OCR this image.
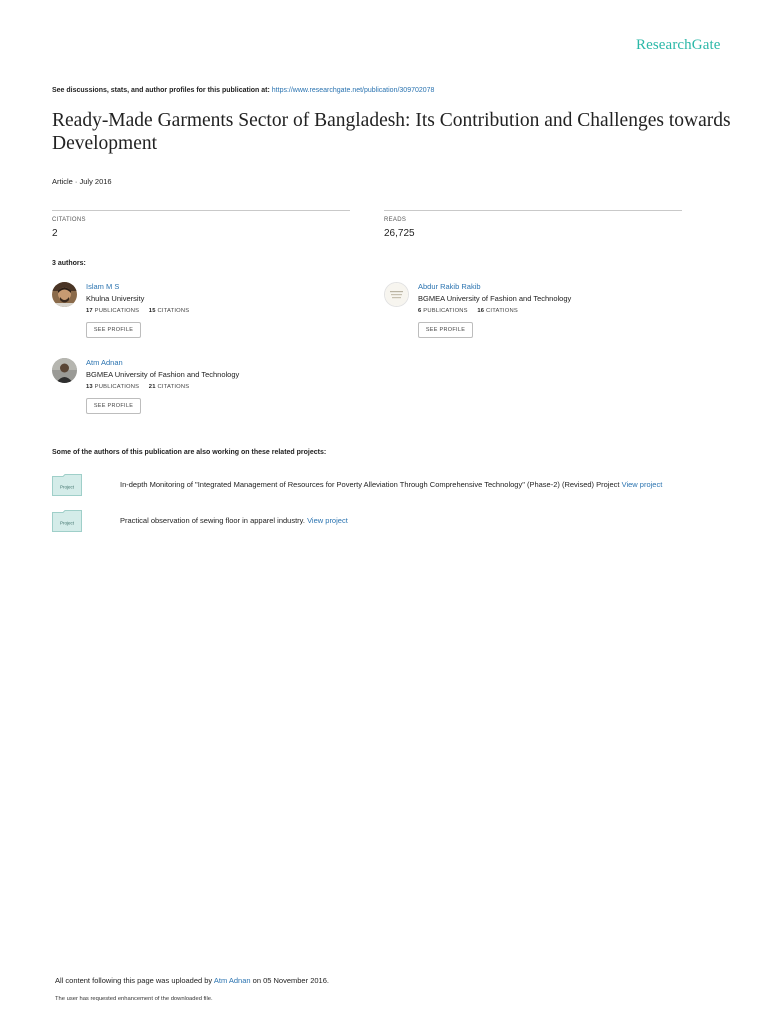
ResearchGate
See discussions, stats, and author profiles for this publication at: https://www.researchgate.net/publication/309702078
Ready-Made Garments Sector of Bangladesh: Its Contribution and Challenges towards Development
Article · July 2016
CITATIONS
2
READS
26,725
3 authors:
Islam M S
Khulna University
17 PUBLICATIONS 15 CITATIONS
SEE PROFILE
Abdur Rakib Rakib
BGMEA University of Fashion and Technology
6 PUBLICATIONS 16 CITATIONS
SEE PROFILE
Atm Adnan
BGMEA University of Fashion and Technology
13 PUBLICATIONS 21 CITATIONS
SEE PROFILE
Some of the authors of this publication are also working on these related projects:
Project	In-depth Monitoring of "Integrated Management of Resources for Poverty Alleviation Through Comprehensive Technology" (Phase-2) (Revised) Project View project
Project	Practical observation of sewing floor in apparel industry. View project
All content following this page was uploaded by Atm Adnan on 05 November 2016.
The user has requested enhancement of the downloaded file.
